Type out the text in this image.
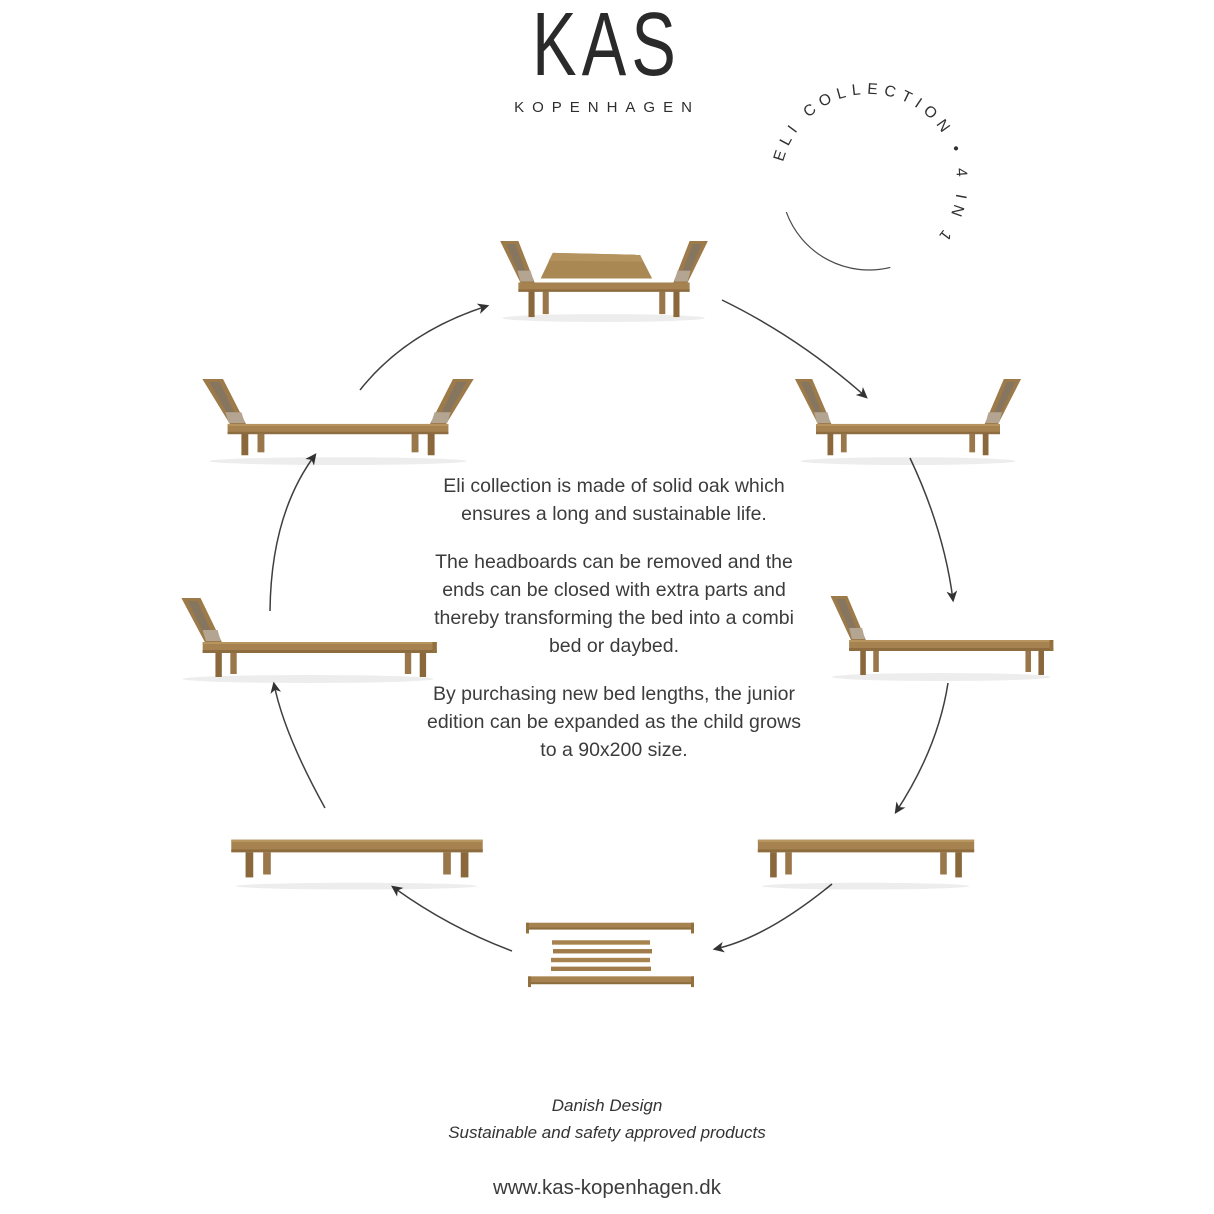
KAS
KOPENHAGEN
ELI COLLECTION • 4 IN 1

Eli collection is made of solid oak which ensures a long and sustainable life.

The headboards can be removed and the ends can be closed with extra parts and thereby transforming the bed into a combi bed or daybed.

By purchasing new bed lengths, the junior edition can be expanded as the child grows to a 90x200 size.

Danish Design
Sustainable and safety approved products
www.kas-kopenhagen.dk
